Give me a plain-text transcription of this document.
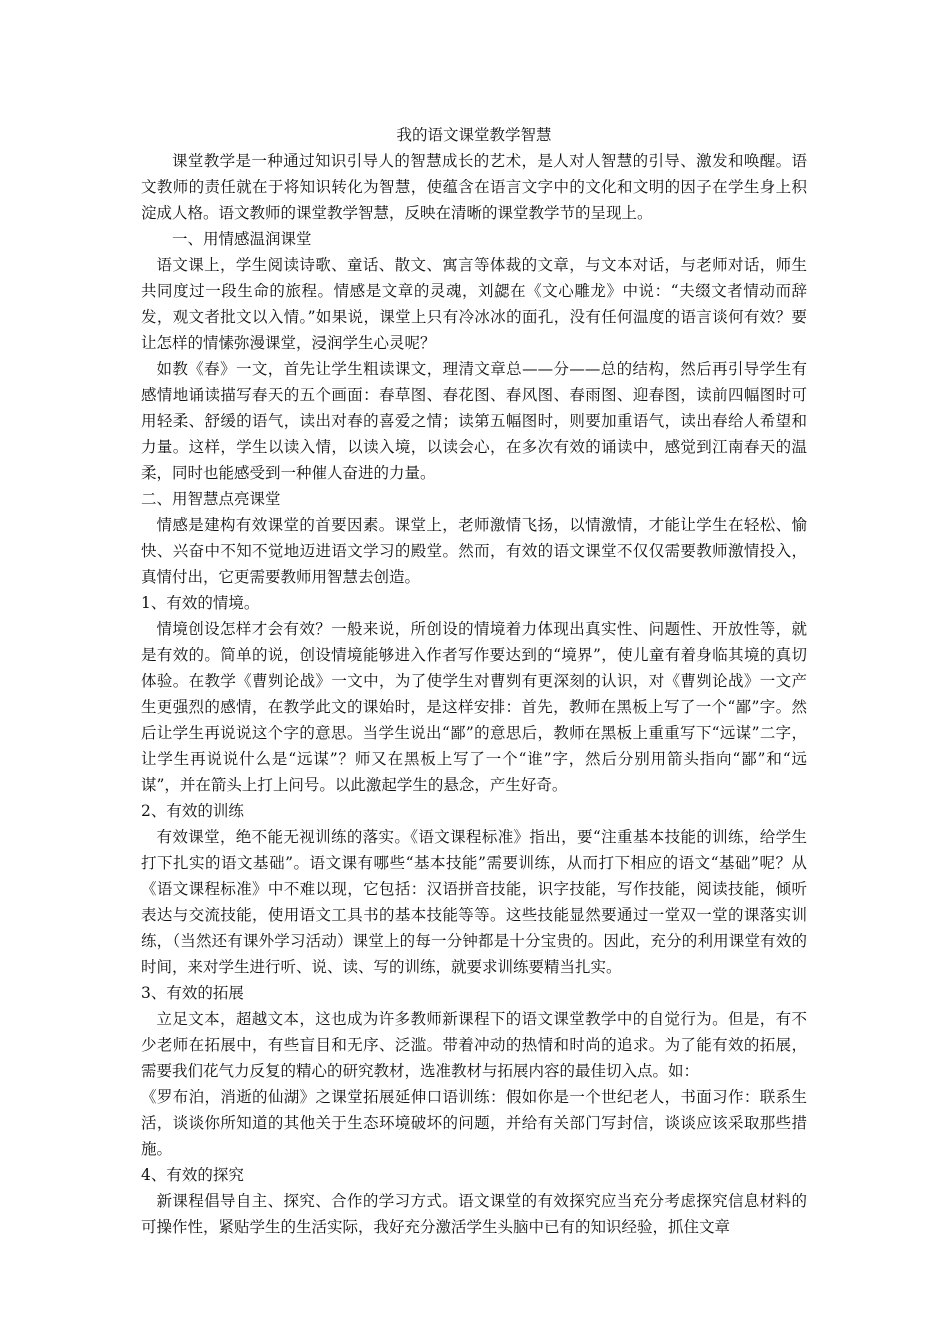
我的语文课堂教学智慧

课堂教学是一种通过知识引导人的智慧成长的艺术，是人对人智慧的引导、激发和唤醒。语文教师的责任就在于将知识转化为智慧，使蕴含在语言文字中的文化和文明的因子在学生身上积淀成人格。语文教师的课堂教学智慧，反映在清晰的课堂教学节的呈现上。

一、用情感温润课堂

语文课上，学生阅读诗歌、童话、散文、寓言等体裁的文章，与文本对话，与老师对话，师生共同度过一段生命的旅程。情感是文章的灵魂，刘勰在《文心雕龙》中说：“夫缀文者情动而辞发，观文者批文以入情。”如果说，课堂上只有冷冰冰的面孔，没有任何温度的语言谈何有效？要让怎样的情愫弥漫课堂，浸润学生心灵呢？

如教《春》一文，首先让学生粗读课文，理清文章总——分——总的结构，然后再引导学生有感情地诵读描写春天的五个画面：春草图、春花图、春风图、春雨图、迎春图，读前四幅图时可用轻柔、舒缓的语气，读出对春的喜爱之情；读第五幅图时，则要加重语气，读出春给人希望和力量。这样，学生以读入情，以读入境，以读会心，在多次有效的诵读中，感觉到江南春天的温柔，同时也能感受到一种催人奋进的力量。

二、用智慧点亮课堂

情感是建构有效课堂的首要因素。课堂上，老师激情飞扬，以情激情，才能让学生在轻松、愉快、兴奋中不知不觉地迈进语文学习的殿堂。然而，有效的语文课堂不仅仅需要教师激情投入，真情付出，它更需要教师用智慧去创造。

1、有效的情境。

情境创设怎样才会有效？一般来说，所创设的情境着力体现出真实性、问题性、开放性等，就是有效的。简单的说，创设情境能够进入作者写作要达到的“境界”，使儿童有着身临其境的真切体验。在教学《曹刿论战》一文中，为了使学生对曹刿有更深刻的认识，对《曹刿论战》一文产生更强烈的感情，在教学此文的课始时，是这样安排：首先，教师在黑板上写了一个“鄙”字。然后让学生再说说这个字的意思。当学生说出“鄙”的意思后，教师在黑板上重重写下“远谋”二字，让学生再说说什么是“远谋”？师又在黑板上写了一个“谁”字，然后分别用箭头指向“鄙”和“远谋”，并在箭头上打上问号。以此激起学生的悬念，产生好奇。

2、有效的训练

有效课堂，绝不能无视训练的落实。《语文课程标准》指出，要“注重基本技能的训练，给学生打下扎实的语文基础”。语文课有哪些“基本技能”需要训练，从而打下相应的语文“基础”呢？从《语文课程标准》中不难以现，它包括：汉语拼音技能，识字技能，写作技能，阅读技能，倾听表达与交流技能，使用语文工具书的基本技能等等。这些技能显然要通过一堂双一堂的课落实训练，（当然还有课外学习活动）课堂上的每一分钟都是十分宝贵的。因此，充分的利用课堂有效的时间，来对学生进行听、说、读、写的训练，就要求训练要精当扎实。

3、有效的拓展

立足文本，超越文本，这也成为许多教师新课程下的语文课堂教学中的自觉行为。但是，有不少老师在拓展中，有些盲目和无序、泛滥。带着冲动的热情和时尚的追求。为了能有效的拓展，需要我们花气力反复的精心的研究教材，选准教材与拓展内容的最佳切入点。如：

《罗布泊，消逝的仙湖》之课堂拓展延伸口语训练：假如你是一个世纪老人，书面习作：联系生活，谈谈你所知道的其他关于生态环境破坏的问题，并给有关部门写封信，谈谈应该采取那些措施。

4、有效的探究

新课程倡导自主、探究、合作的学习方式。语文课堂的有效探究应当充分考虑探究信息材料的可操作性，紧贴学生的生活实际，我好充分激活学生头脑中已有的知识经验，抓住文章
